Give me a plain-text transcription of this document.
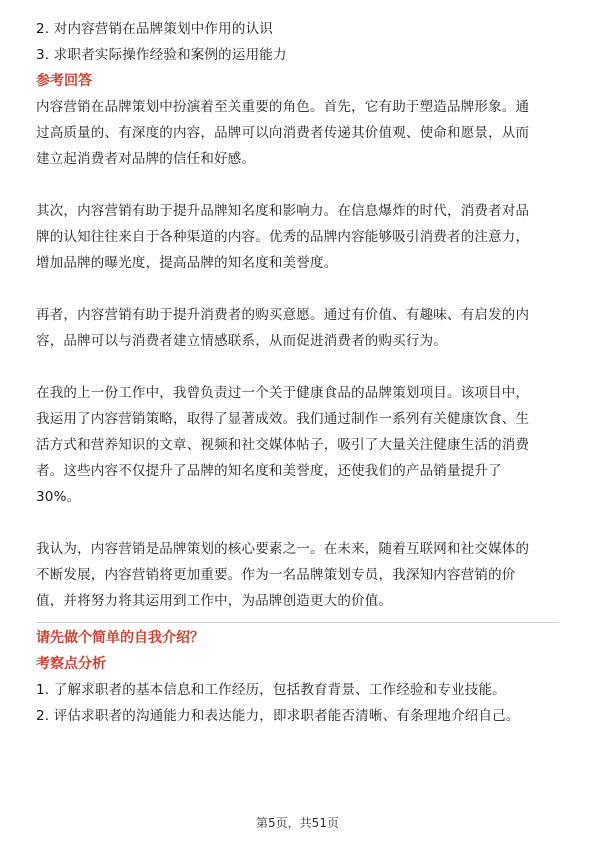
2. 对内容营销在品牌策划中作用的认识
3. 求职者实际操作经验和案例的运用能力
参考回答
内容营销在品牌策划中扮演着至关重要的角色。首先，它有助于塑造品牌形象。通
过高质量的、有深度的内容，品牌可以向消费者传递其价值观、使命和愿景，从而
建立起消费者对品牌的信任和好感。
其次，内容营销有助于提升品牌知名度和影响力。在信息爆炸的时代，消费者对品
牌的认知往往来自于各种渠道的内容。优秀的品牌内容能够吸引消费者的注意力，
增加品牌的曝光度，提高品牌的知名度和美誉度。
再者，内容营销有助于提升消费者的购买意愿。通过有价值、有趣味、有启发的内
容，品牌可以与消费者建立情感联系，从而促进消费者的购买行为。
在我的上一份工作中，我曾负责过一个关于健康食品的品牌策划项目。该项目中，
我运用了内容营销策略，取得了显著成效。我们通过制作一系列有关健康饮食、生
活方式和营养知识的文章、视频和社交媒体帖子，吸引了大量关注健康生活的消费
者。这些内容不仅提升了品牌的知名度和美誉度，还使我们的产品销量提升了
30%。
我认为，内容营销是品牌策划的核心要素之一。在未来，随着互联网和社交媒体的
不断发展，内容营销将更加重要。作为一名品牌策划专员，我深知内容营销的价
值，并将努力将其运用到工作中，为品牌创造更大的价值。
请先做个简单的自我介绍？
考察点分析
1. 了解求职者的基本信息和工作经历，包括教育背景、工作经验和专业技能。
2. 评估求职者的沟通能力和表达能力，即求职者能否清晰、有条理地介绍自己。
第5页，共51页
